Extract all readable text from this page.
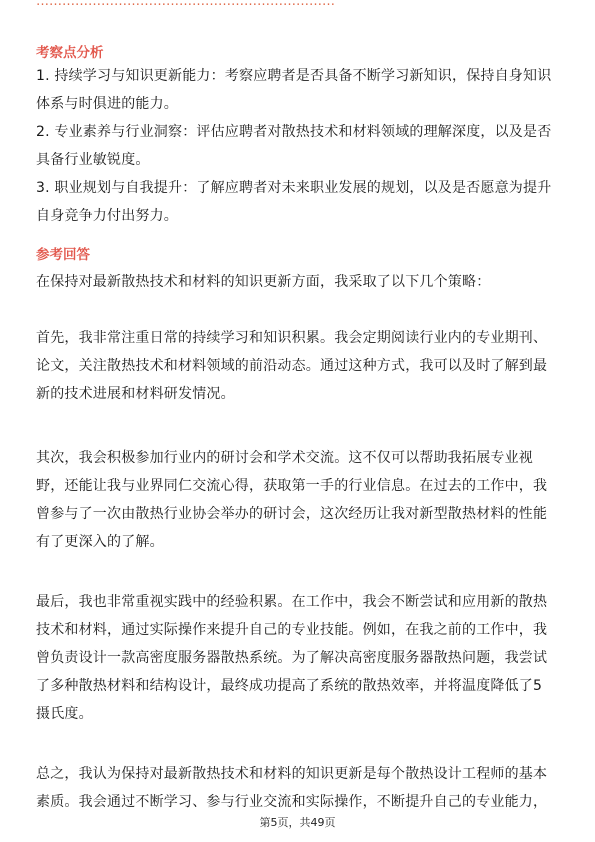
……………………………………………………………
考察点分析

1. 持续学习与知识更新能力：考察应聘者是否具备不断学习新知识，保持自身知识
体系与时俱进的能力。

2. 专业素养与行业洞察：评估应聘者对散热技术和材料领域的理解深度，以及是否
具备行业敏锐度。

3. 职业规划与自我提升：了解应聘者对未来职业发展的规划，以及是否愿意为提升
自身竞争力付出努力。

参考回答

在保持对最新散热技术和材料的知识更新方面，我采取了以下几个策略：

首先，我非常注重日常的持续学习和知识积累。我会定期阅读行业内的专业期刊、
论文，关注散热技术和材料领域的前沿动态。通过这种方式，我可以及时了解到最
新的技术进展和材料研发情况。

其次，我会积极参加行业内的研讨会和学术交流。这不仅可以帮助我拓展专业视
野，还能让我与业界同仁交流心得，获取第一手的行业信息。在过去的工作中，我
曾参与了一次由散热行业协会举办的研讨会，这次经历让我对新型散热材料的性能
有了更深入的了解。

最后，我也非常重视实践中的经验积累。在工作中，我会不断尝试和应用新的散热
技术和材料，通过实际操作来提升自己的专业技能。例如，在我之前的工作中，我
曾负责设计一款高密度服务器散热系统。为了解决高密度服务器散热问题，我尝试
了多种散热材料和结构设计，最终成功提高了系统的散热效率，并将温度降低了5
摄氏度。

总之，我认为保持对最新散热技术和材料的知识更新是每个散热设计工程师的基本
素质。我会通过不断学习、参与行业交流和实际操作，不断提升自己的专业能力，

第5页，共49页
